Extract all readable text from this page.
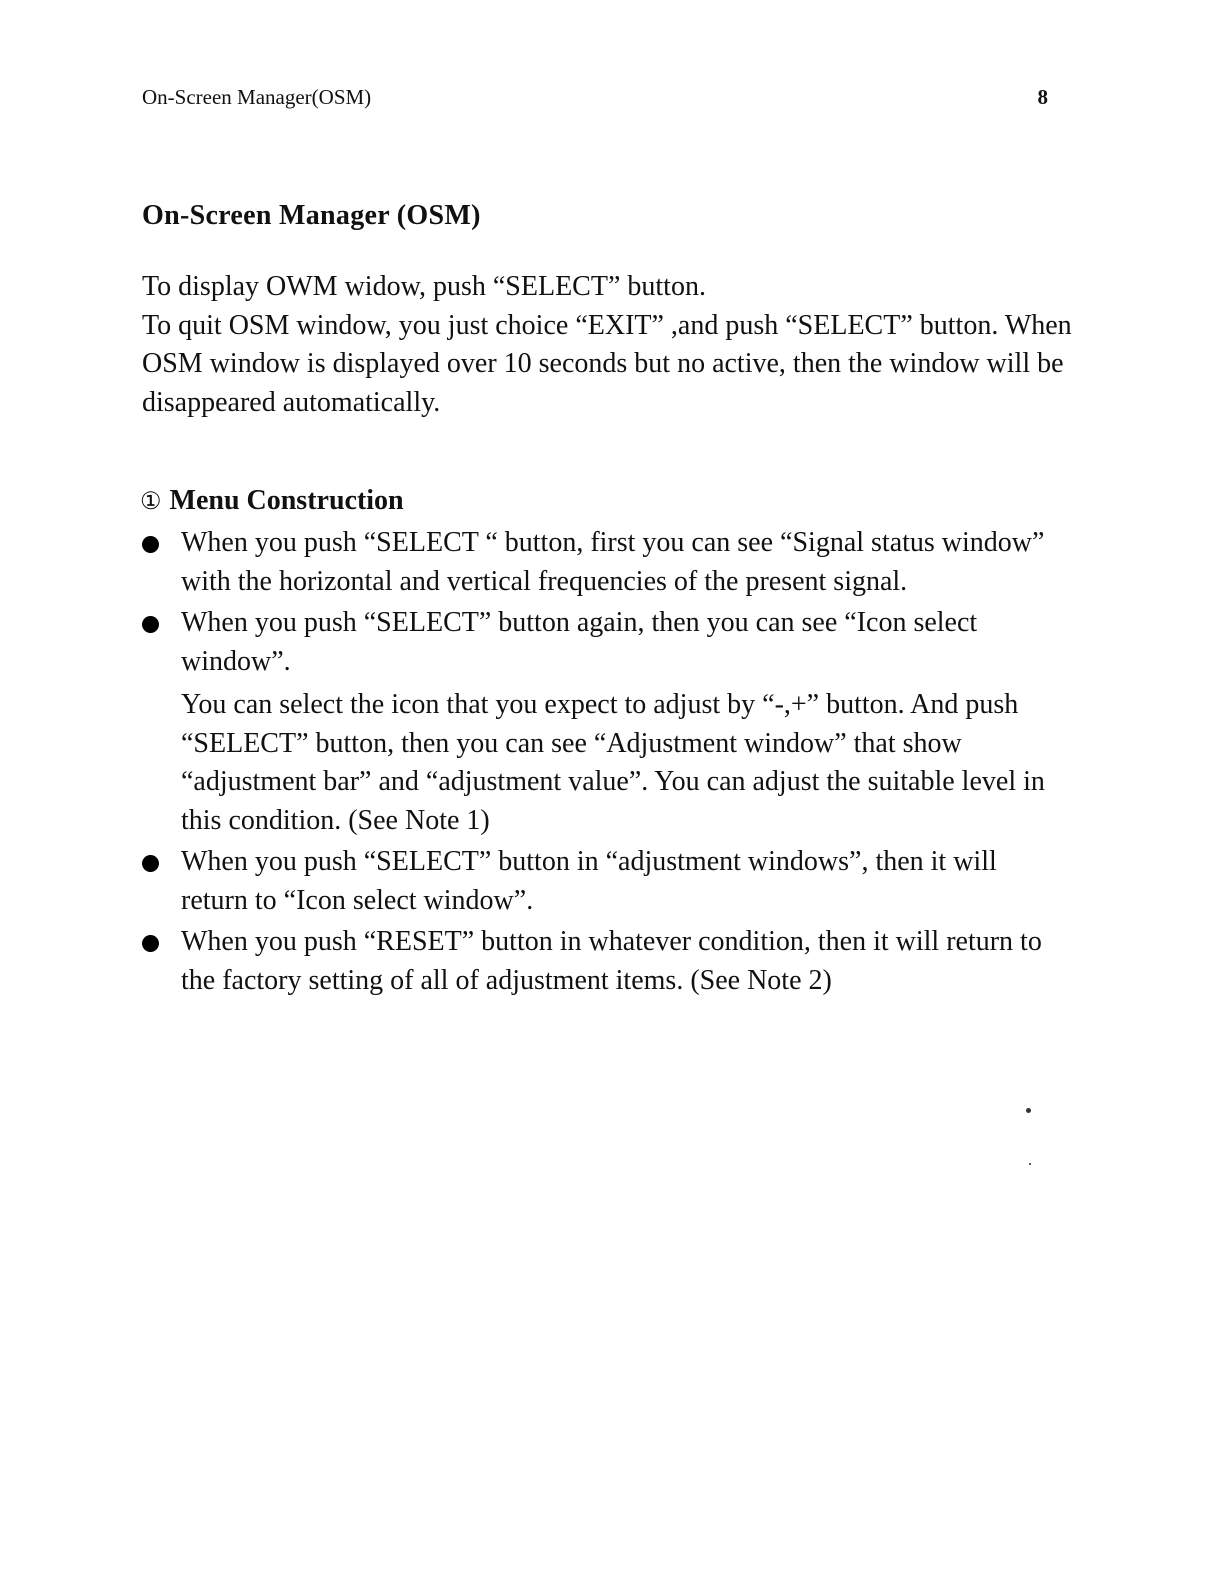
On-Screen Manager(OSM)	8
On-Screen Manager (OSM)

To display OWM widow, push “SELECT” button.

To quit OSM window, you just choice “EXIT” ,and push “SELECT” button. When OSM window is displayed over 10 seconds but no active, then the window will be disappeared automatically.

① Menu Construction

When you push “SELECT “ button, first you can see “Signal status window” with the horizontal and vertical frequencies of the present signal.

When you push “SELECT” button again, then you can see “Icon select window”.

You can select the icon that you expect to adjust by “-,+” button. And push “SELECT” button, then you can see “Adjustment window” that show “adjustment bar” and “adjustment value”. You can adjust the suitable level in this condition. (See Note 1)

When you push “SELECT” button in “adjustment windows”, then it will return to “Icon select window”.

When you push “RESET” button in whatever condition, then it will return to the factory setting of all of adjustment items. (See Note 2)
